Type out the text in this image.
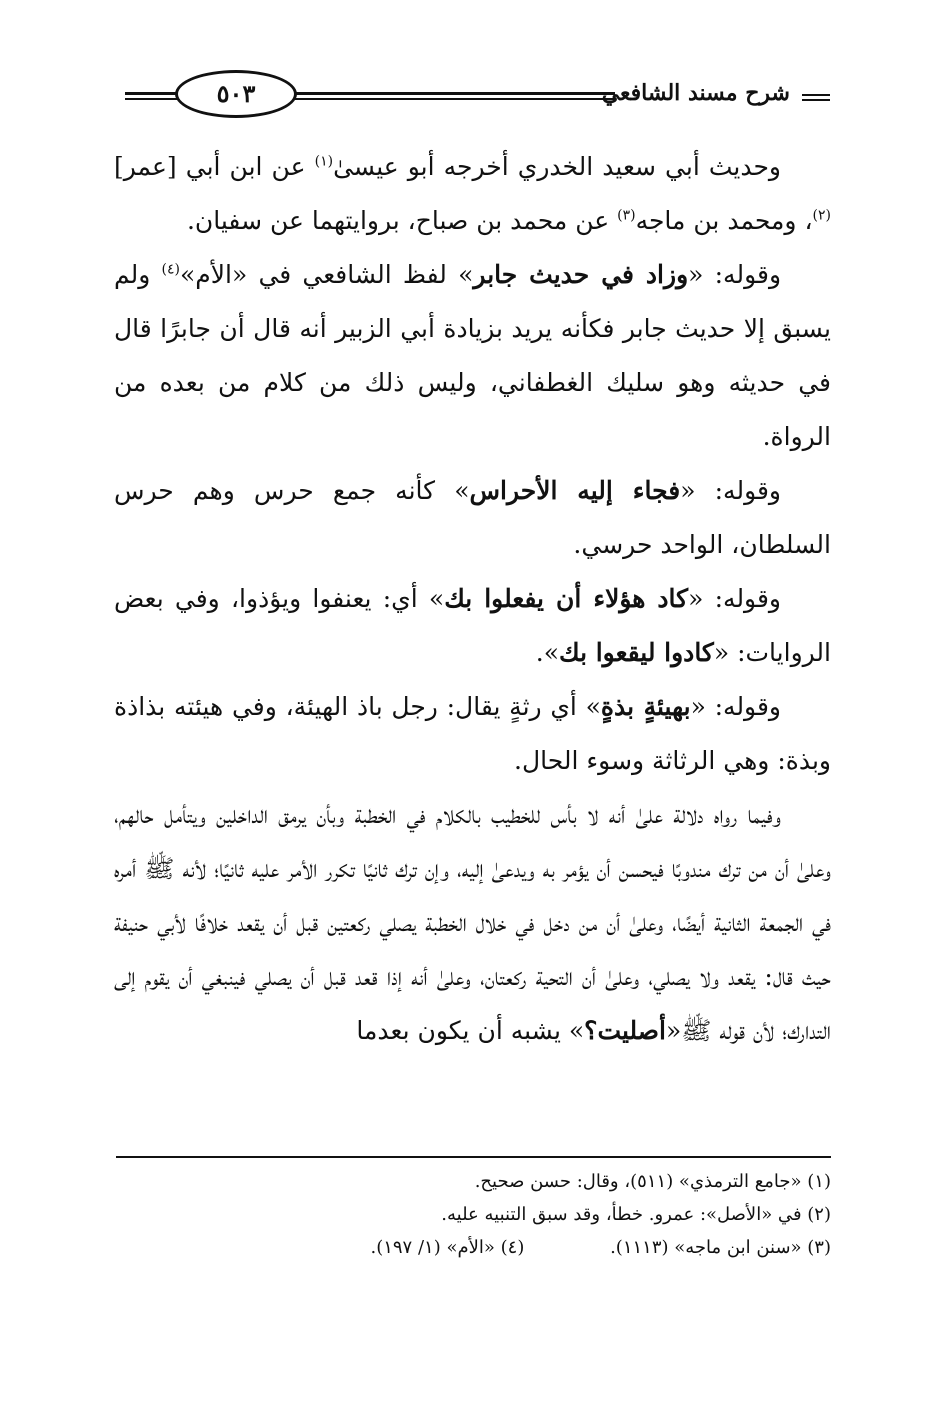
شرح مسند الشافعي
٥٠٣

وحديث أبي سعيد الخدري أخرجه أبو عيسىٰ$^{(١)}$ عن ابن أبي [عمر]$^{(٢)}$، ومحمد بن ماجه$^{(٣)}$ عن محمد بن صباح، بروايتهما عن سفيان.

وقوله: «وزاد في حديث جابر» لفظ الشافعي في «الأم»$^{(٤)}$ ولم يسبق إلا حديث جابر فكأنه يريد بزيادة أبي الزبير أنه قال أن جابرًا قال في حديثه وهو سليك الغطفاني، وليس ذلك من كلام من بعده من الرواة.

وقوله: «فجاء إليه الأحراس» كأنه جمع حرس وهم حرس السلطان، الواحد حرسي.

وقوله: «كاد هؤلاء أن يفعلوا بك» أي: يعنفوا ويؤذوا، وفي بعض الروايات: «كادوا ليقعوا بك».

وقوله: «بهيئةٍ بذةٍ» أي رثةٍ يقال: رجل باذ الهيئة، وفي هيئته بذاذة وبذة: وهي الرثاثة وسوء الحال.

وفيما رواه دلالة علىٰ أنه لا بأس للخطيب بالكلام في الخطبة وبأن يرمق الداخلين ويتأمل حالهم، وعلىٰ أن من ترك مندوبًا فيحسن أن يؤمر به ويدعىٰ إليه، وإن ترك ثانيًا تكرر الأمر عليه ثانيًا؛ لأنه ﷺ أمره في الجمعة الثانية أيضًا، وعلىٰ أن من دخل في خلال الخطبة يصلي ركعتين قبل أن يقعد خلافًا لأبي حنيفة حيث قال: يقعد ولا يصلي، وعلىٰ أن التحية ركعتان، وعلىٰ أنه إذا قعد قبل أن يصلي فينبغي أن يقوم إلى التدارك؛ لأن قوله ﷺ«أصليت؟» يشبه أن يكون بعدما

(١) «جامع الترمذي» (٥١١)، وقال: حسن صحيح.
(٢) في «الأصل»: عمرو. خطأ، وقد سبق التنبيه عليه.
(٣) «سنن ابن ماجه» (١١١٣). (٤) «الأم» (١/ ١٩٧).
